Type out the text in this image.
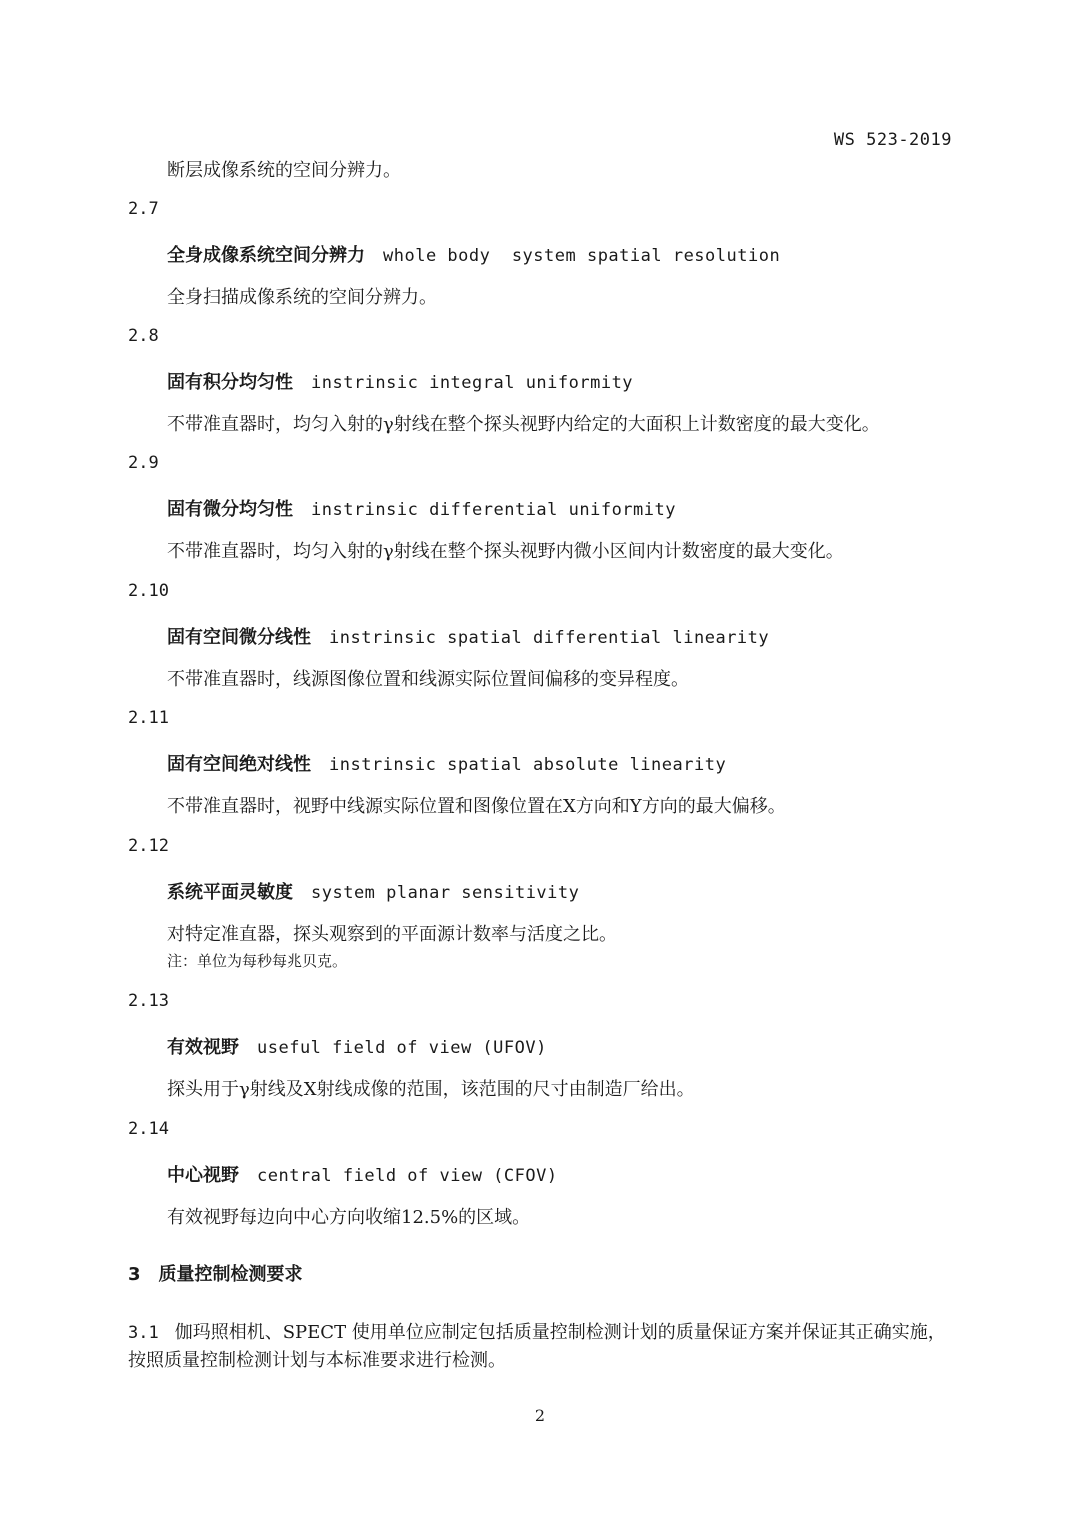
WS 523-2019
断层成像系统的空间分辨力。
2.7
全身成像系统空间分辨力 whole body  system spatial resolution
全身扫描成像系统的空间分辨力。
2.8
固有积分均匀性 instrinsic integral uniformity
不带准直器时，均匀入射的γ射线在整个探头视野内给定的大面积上计数密度的最大变化。
2.9
固有微分均匀性 instrinsic differential uniformity
不带准直器时，均匀入射的γ射线在整个探头视野内微小区间内计数密度的最大变化。
2.10
固有空间微分线性 instrinsic spatial differential linearity
不带准直器时，线源图像位置和线源实际位置间偏移的变异程度。
2.11
固有空间绝对线性 instrinsic spatial absolute linearity
不带准直器时，视野中线源实际位置和图像位置在X方向和Y方向的最大偏移。
2.12
系统平面灵敏度 system planar sensitivity
对特定准直器，探头观察到的平面源计数率与活度之比。
注：单位为每秒每兆贝克。
2.13
有效视野 useful field of view (UFOV)
探头用于γ射线及X射线成像的范围，该范围的尺寸由制造厂给出。
2.14
中心视野 central field of view (CFOV)
有效视野每边向中心方向收缩12.5%的区域。
3 质量控制检测要求
3.1 伽玛照相机、SPECT 使用单位应制定包括质量控制检测计划的质量保证方案并保证其正确实施，
按照质量控制检测计划与本标准要求进行检测。
2
